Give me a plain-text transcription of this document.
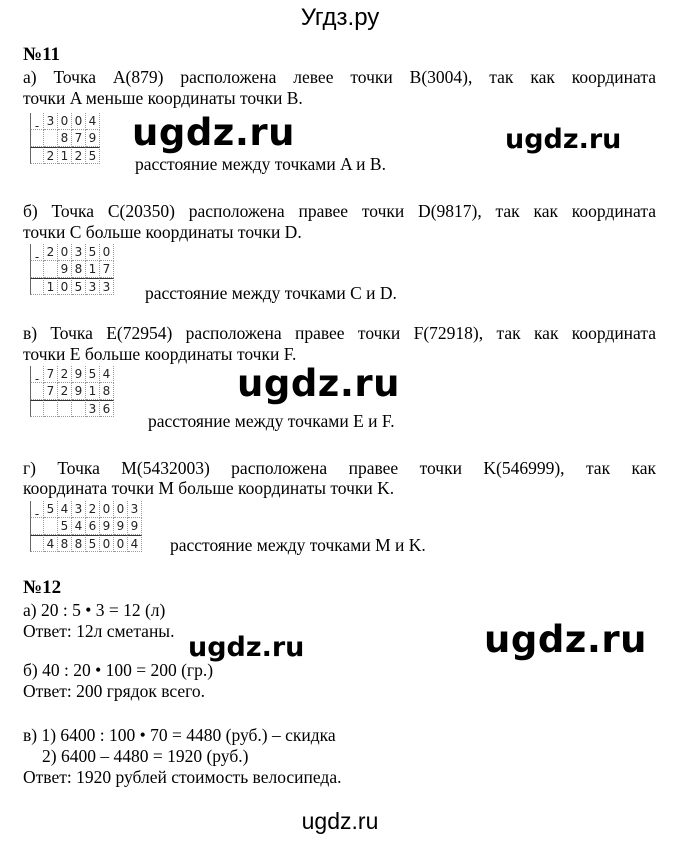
Угдз.ру
№11
а) Точка A(879) расположена левее точки B(3004), так как координата
точки A меньше координаты точки B.
- 3 0 0 4
8 7 9
2 1 2 5 расстояние между точками A и B.
ugdz.ru	ugdz.ru
б) Точка C(20350) расположена правее точки D(9817), так как координата
точки C больше координаты точки D.
- 2 0 3 5 0
9 8 1 7
1 0 5 3 3 расстояние между точками C и D.
в) Точка E(72954) расположена правее точки F(72918), так как координата
точки E больше координаты точки F.
- 7 2 9 5 4
7 2 9 1 8
3 6
расстояние между точками E и F.
ugdz.ru
г) Точка M(5432003) расположена правее точки K(546999), так как
координата точки M больше координаты точки K.
- 5 4 3 2 0 0 3
5 4 6 9 9 9
4 8 8 5 0 0 4 расстояние между точками M и K.
№12
а) 20 : 5 • 3 = 12 (л)
Ответ: 12л сметаны.
ugdz.ru	ugdz.ru
б) 40 : 20 • 100 = 200 (гр.)
Ответ: 200 грядок всего.
в) 1) 6400 : 100 • 70 = 4480 (руб.) – скидка
2) 6400 – 4480 = 1920 (руб.)
Ответ: 1920 рублей стоимость велосипеда.
ugdz.ru
